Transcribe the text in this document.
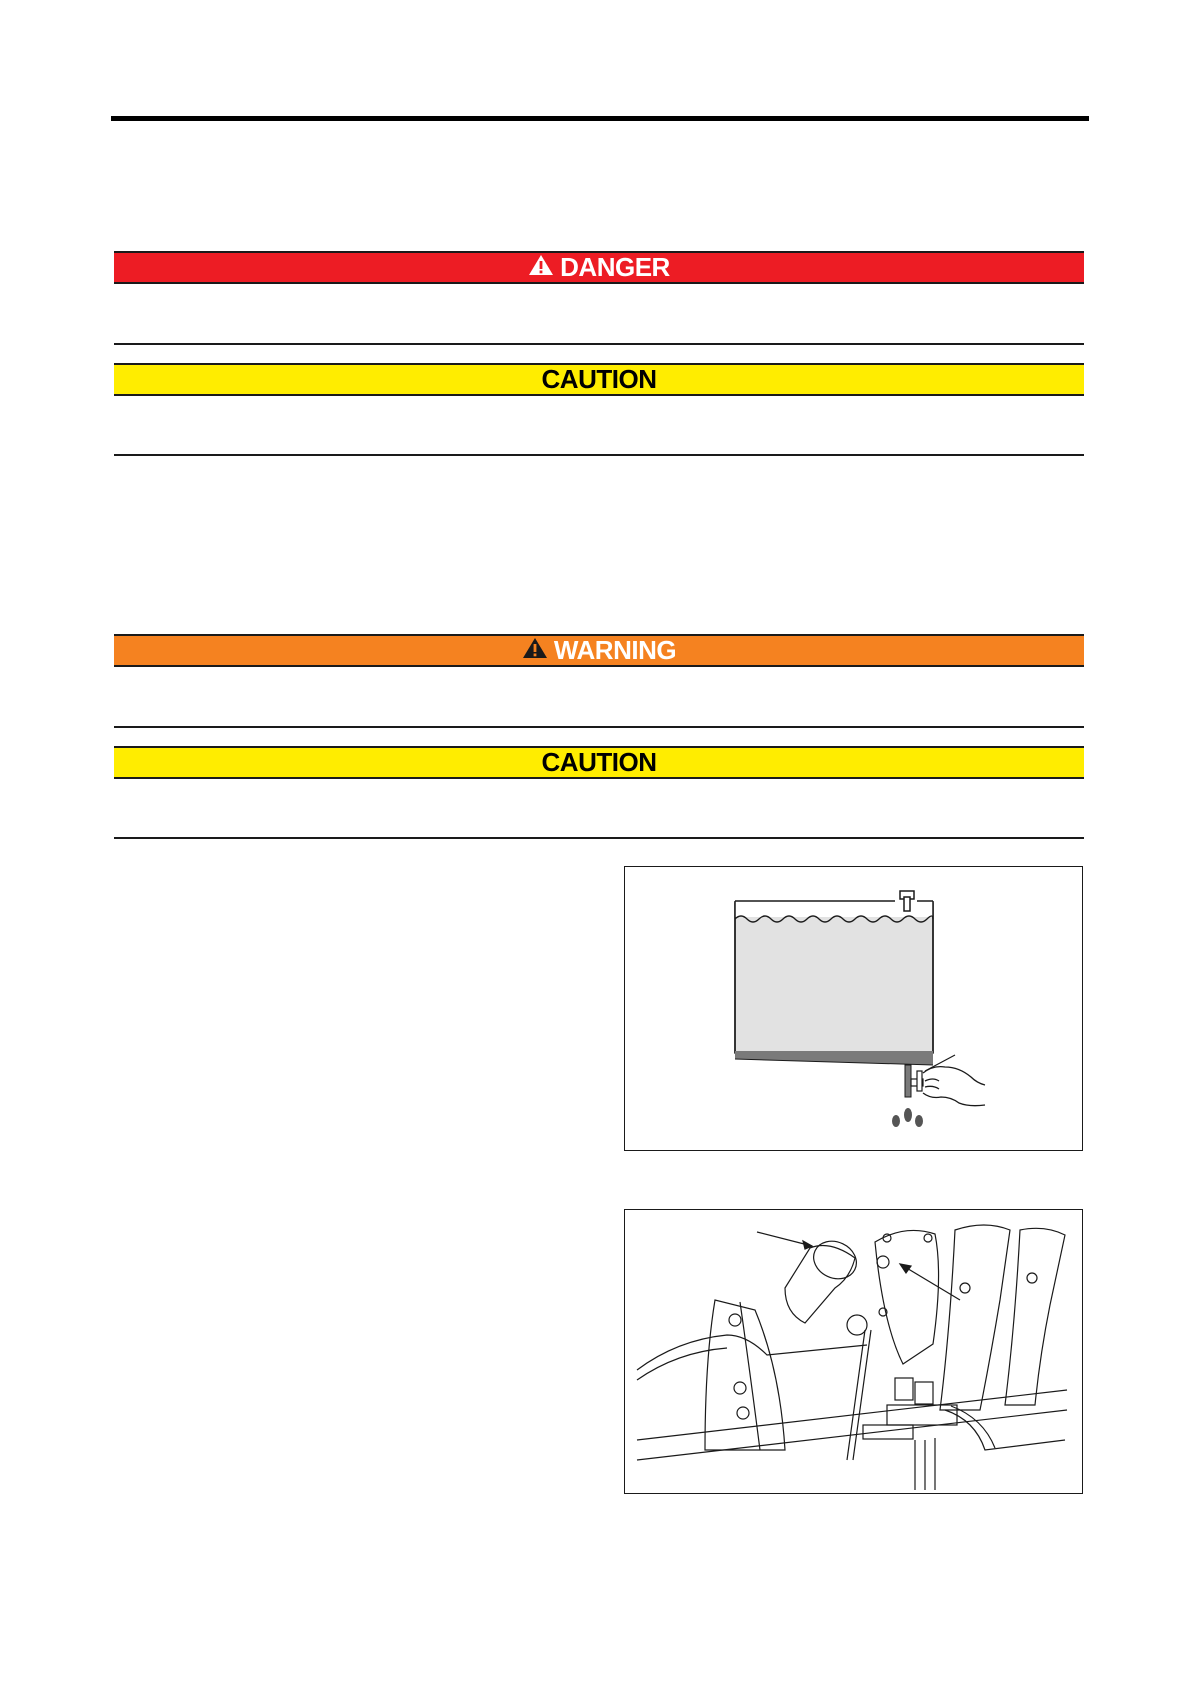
DANGER
CAUTION
WARNING
CAUTION
